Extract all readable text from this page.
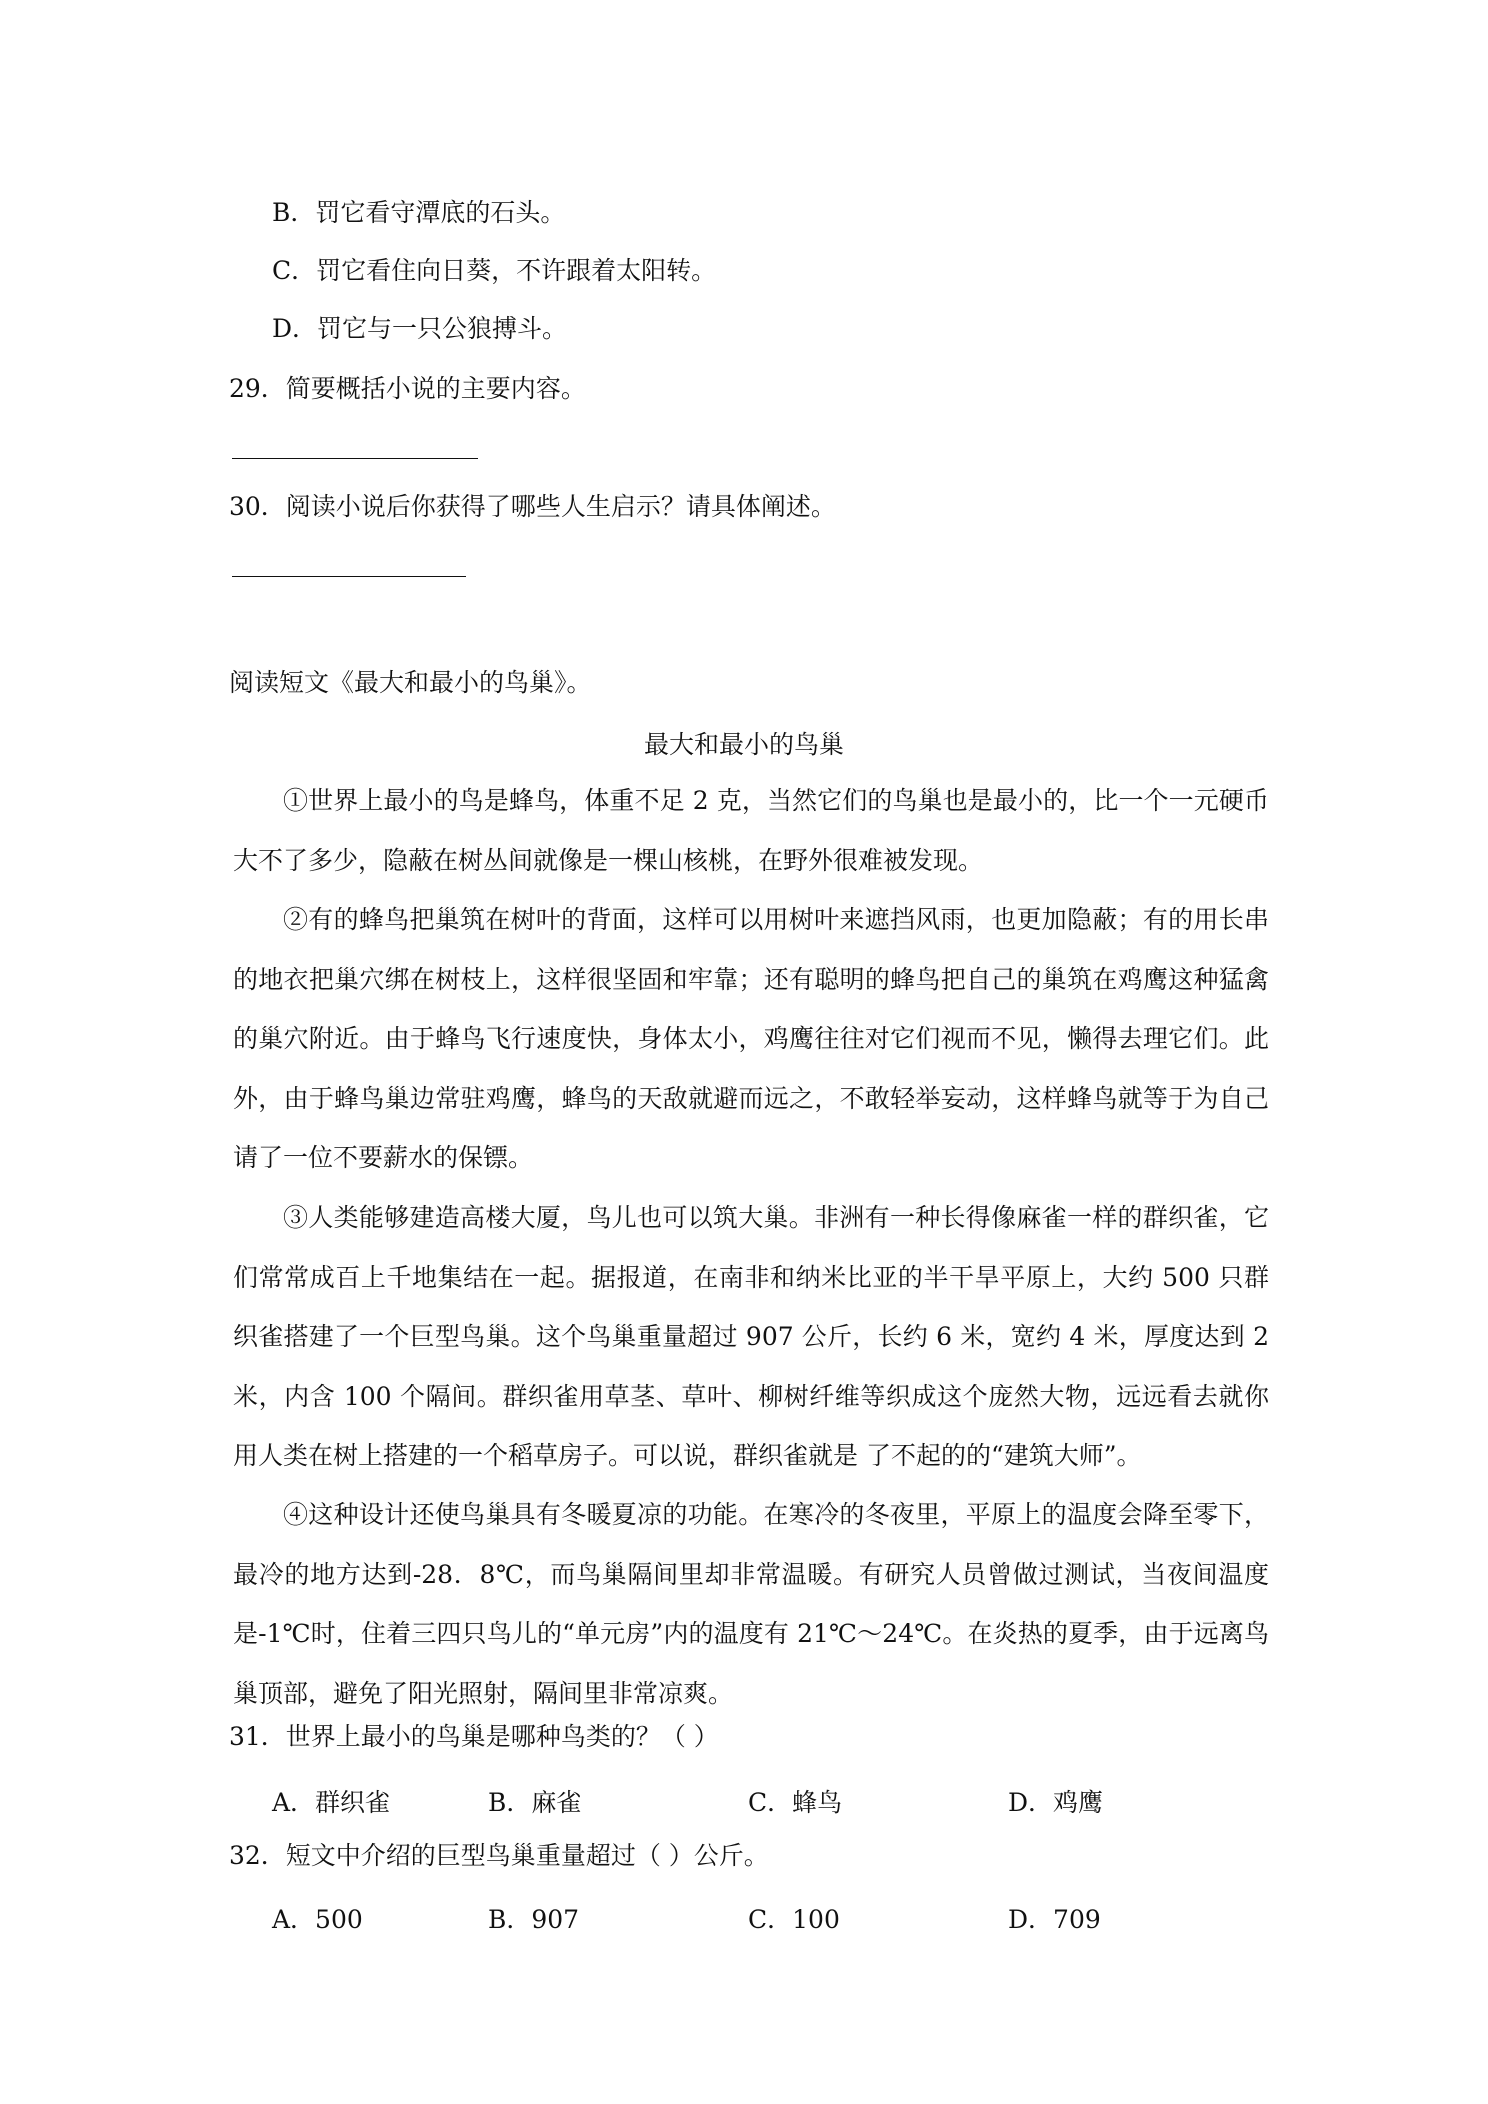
B．罚它看守潭底的石头。
C．罚它看住向日葵，不许跟着太阳转。
D．罚它与一只公狼搏斗。
29．简要概括小说的主要内容。
30．阅读小说后你获得了哪些人生启示？请具体阐述。
阅读短文《最大和最小的鸟巢》。
最大和最小的鸟巢

①世界上最小的鸟是蜂鸟，体重不足 2 克，当然它们的鸟巢也是最小的，比一个一元硬币大不了多少，隐蔽在树丛间就像是一棵山核桃，在野外很难被发现。

②有的蜂鸟把巢筑在树叶的背面，这样可以用树叶来遮挡风雨，也更加隐蔽；有的用长串的地衣把巢穴绑在树枝上，这样很坚固和牢靠；还有聪明的蜂鸟把自己的巢筑在鸡鹰这种猛禽的巢穴附近。由于蜂鸟飞行速度快，身体太小，鸡鹰往往对它们视而不见，懒得去理它们。此外，由于蜂鸟巢边常驻鸡鹰，蜂鸟的天敌就避而远之，不敢轻举妄动，这样蜂鸟就等于为自己请了一位不要薪水的保镖。

③人类能够建造高楼大厦，鸟儿也可以筑大巢。非洲有一种长得像麻雀一样的群织雀，它们常常成百上千地集结在一起。据报道，在南非和纳米比亚的半干旱平原上，大约 500 只群织雀搭建了一个巨型鸟巢。这个鸟巢重量超过 907 公斤，长约 6 米，宽约 4 米，厚度达到 2 米，内含 100 个隔间。群织雀用草茎、草叶、柳树纤维等织成这个庞然大物，远远看去就你用人类在树上搭建的一个稻草房子。可以说，群织雀就是 了不起的的“建筑大师”。

④这种设计还使鸟巢具有冬暖夏凉的功能。在寒冷的冬夜里，平原上的温度会降至零下，最冷的地方达到-28．8℃，而鸟巢隔间里却非常温暖。有研究人员曾做过测试，当夜间温度是-1℃时，住着三四只鸟儿的“单元房”内的温度有 21℃～24℃。在炎热的夏季，由于远离鸟巢顶部，避免了阳光照射，隔间里非常凉爽。

31．世界上最小的鸟巢是哪种鸟类的？（ ）
A．群织雀	B．麻雀	C．蜂鸟	D．鸡鹰
32．短文中介绍的巨型鸟巢重量超过（ ）公斤。
A．500	B．907	C．100	D．709
